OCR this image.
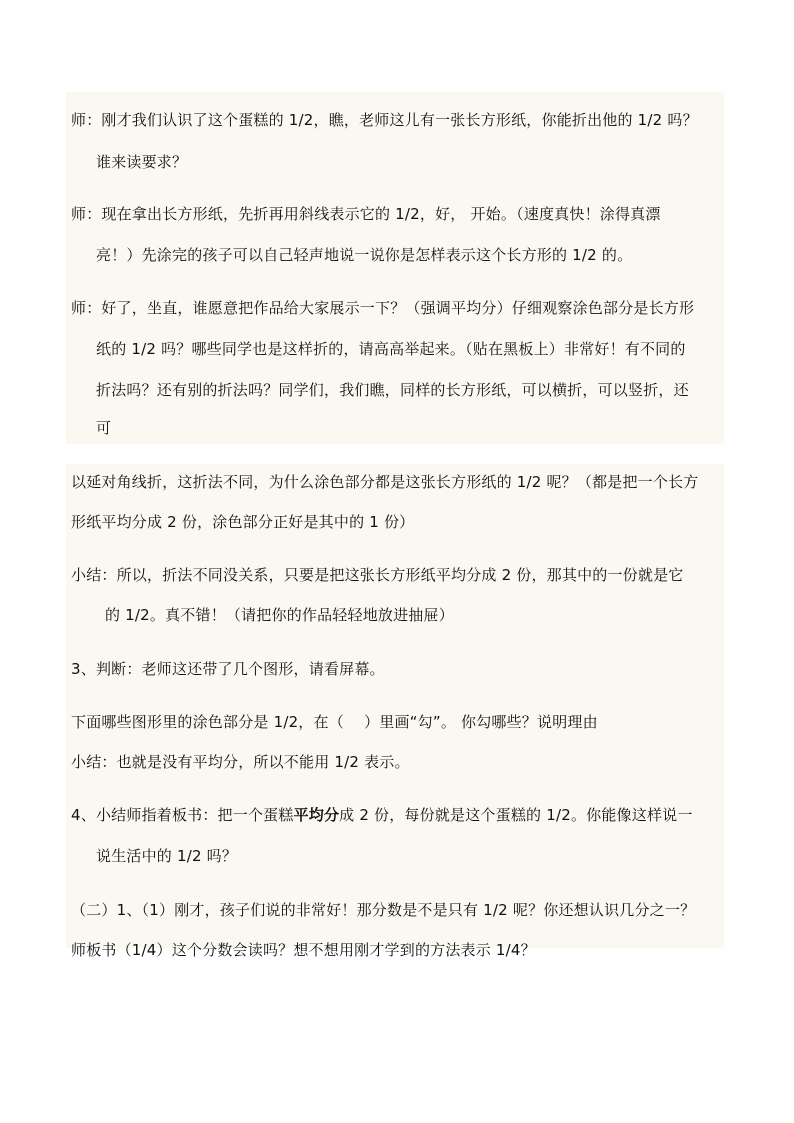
师：刚才我们认识了这个蛋糕的 1/2，瞧，老师这儿有一张长方形纸，你能折出他的 1/2 吗？
谁来读要求？
师：现在拿出长方形纸，先折再用斜线表示它的 1/2，好， 开始。（速度真快！涂得真漂
亮！）先涂完的孩子可以自己轻声地说一说你是怎样表示这个长方形的 1/2 的。
师：好了，坐直，谁愿意把作品给大家展示一下？（强调平均分）仔细观察涂色部分是长方形
纸的 1/2 吗？哪些同学也是这样折的，请高高举起来。（贴在黑板上）非常好！有不同的
折法吗？还有别的折法吗？同学们，我们瞧，同样的长方形纸，可以横折，可以竖折，还
可
以延对角线折，这折法不同，为什么涂色部分都是这张长方形纸的 1/2 呢？（都是把一个长方
形纸平均分成 2 份，涂色部分正好是其中的 1 份）
小结：所以，折法不同没关系，只要是把这张长方形纸平均分成 2 份，那其中的一份就是它
的 1/2。真不错！（请把你的作品轻轻地放进抽屉）
3、判断：老师这还带了几个图形，请看屏幕。
下面哪些图形里的涂色部分是 1/2，在（　 ）里画“勾”。 你勾哪些？说明理由
小结：也就是没有平均分，所以不能用 1/2 表示。
4、小结师指着板书：把一个蛋糕平均分成 2 份，每份就是这个蛋糕的 1/2。你能像这样说一
说生活中的 1/2 吗？
（二）1、（1）刚才，孩子们说的非常好！那分数是不是只有 1/2 呢？你还想认识几分之一？
师板书（1/4）这个分数会读吗？想不想用刚才学到的方法表示 1/4？
